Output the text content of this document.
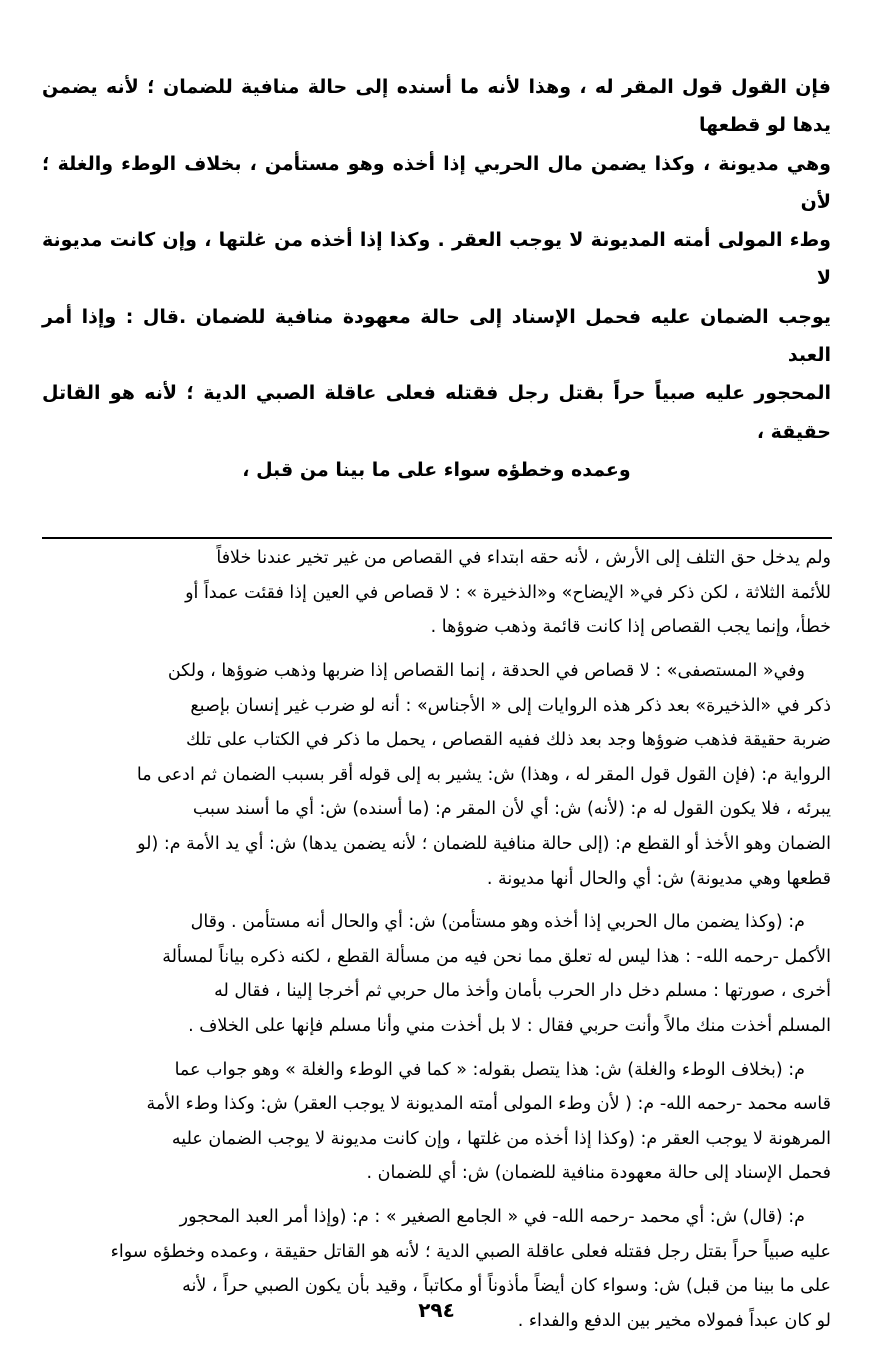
فإن القول قول المقر له ، وهذا لأنه ما أسنده إلى حالة منافية للضمان ؛ لأنه يضمن يدها لو قطعها

وهي مديونة ، وكذا يضمن مال الحربي إذا أخذه وهو مستأمن ، بخلاف الوطء والغلة ؛ لأن

وطء المولى أمته المديونة لا يوجب العقر . وكذا إذا أخذه من غلتها ، وإن كانت مديونة لا

يوجب الضمان عليه فحمل الإسناد إلى حالة معهودة منافية للضمان .قال : وإذا أمر العبد

المحجور عليه صبياً حراً بقتل رجل فقتله فعلى عاقلة الصبي الدية ؛ لأنه هو القاتل حقيقة ،

وعمده وخطؤه سواء على ما بينا من قبل ،

ولم يدخل حق التلف إلى الأرش ، لأنه حقه ابتداء في القصاص من غير تخير عندنا خلافاً

للأئمة الثلاثة ، لكن ذكر في« الإيضاح» و«الذخيرة » : لا قصاص في العين إذا فقئت عمداً أو

خطأ، وإنما يجب القصاص إذا كانت قائمة وذهب ضوؤها .

وفي« المستصفى» : لا قصاص في الحدقة ، إنما القصاص إذا ضربها وذهب ضوؤها ، ولكن

ذكر في «الذخيرة» بعد ذكر هذه الروايات إلى « الأجناس» : أنه لو ضرب غير إنسان بإصبع

ضربة حقيقة فذهب ضوؤها وجد بعد ذلك ففيه القصاص ، يحمل ما ذكر في الكتاب على تلك

الرواية م: (فإن القول قول المقر له ، وهذا) ش: يشير به إلى قوله أقر بسبب الضمان ثم ادعى ما

يبرئه ، فلا يكون القول له م: (لأنه) ش: أي لأن المقر م: (ما أسنده) ش: أي ما أسند سبب

الضمان وهو الأخذ أو القطع م: (إلى حالة منافية للضمان ؛ لأنه يضمن يدها) ش: أي يد الأمة م: (لو

قطعها وهي مديونة) ش: أي والحال أنها مديونة .

م: (وكذا يضمن مال الحربي إذا أخذه وهو مستأمن) ش: أي والحال أنه مستأمن . وقال

الأكمل -رحمه الله- : هذا ليس له تعلق مما نحن فيه من مسألة القطع ، لكنه ذكره بياناً لمسألة

أخرى ، صورتها : مسلم دخل دار الحرب بأمان وأخذ مال حربي ثم أخرجا إلينا ، فقال له

المسلم أخذت منك مالاً وأنت حربي فقال : لا بل أخذت مني وأنا مسلم فإنها على الخلاف .

م: (بخلاف الوطء والغلة) ش: هذا يتصل بقوله: « كما في الوطء والغلة » وهو جواب عما

قاسه محمد -رحمه الله- م: ( لأن وطء المولى أمته المديونة لا يوجب العقر) ش: وكذا وطء الأمة

المرهونة لا يوجب العقر م: (وكذا إذا أخذه من غلتها ، وإن كانت مديونة لا يوجب الضمان عليه

فحمل الإسناد إلى حالة معهودة منافية للضمان) ش: أي للضمان .

م: (قال) ش: أي محمد -رحمه الله- في « الجامع الصغير » : م: (وإذا أمر العبد المحجور

عليه صبياً حراً بقتل رجل فقتله فعلى عاقلة الصبي الدية ؛ لأنه هو القاتل حقيقة ، وعمده وخطؤه سواء

على ما بينا من قبل) ش: وسواء كان أيضاً مأذوناً أو مكاتباً ، وقيد بأن يكون الصبي حراً ، لأنه

لو كان عبداً فمولاه مخير بين الدفع والفداء .

٢٩٤
